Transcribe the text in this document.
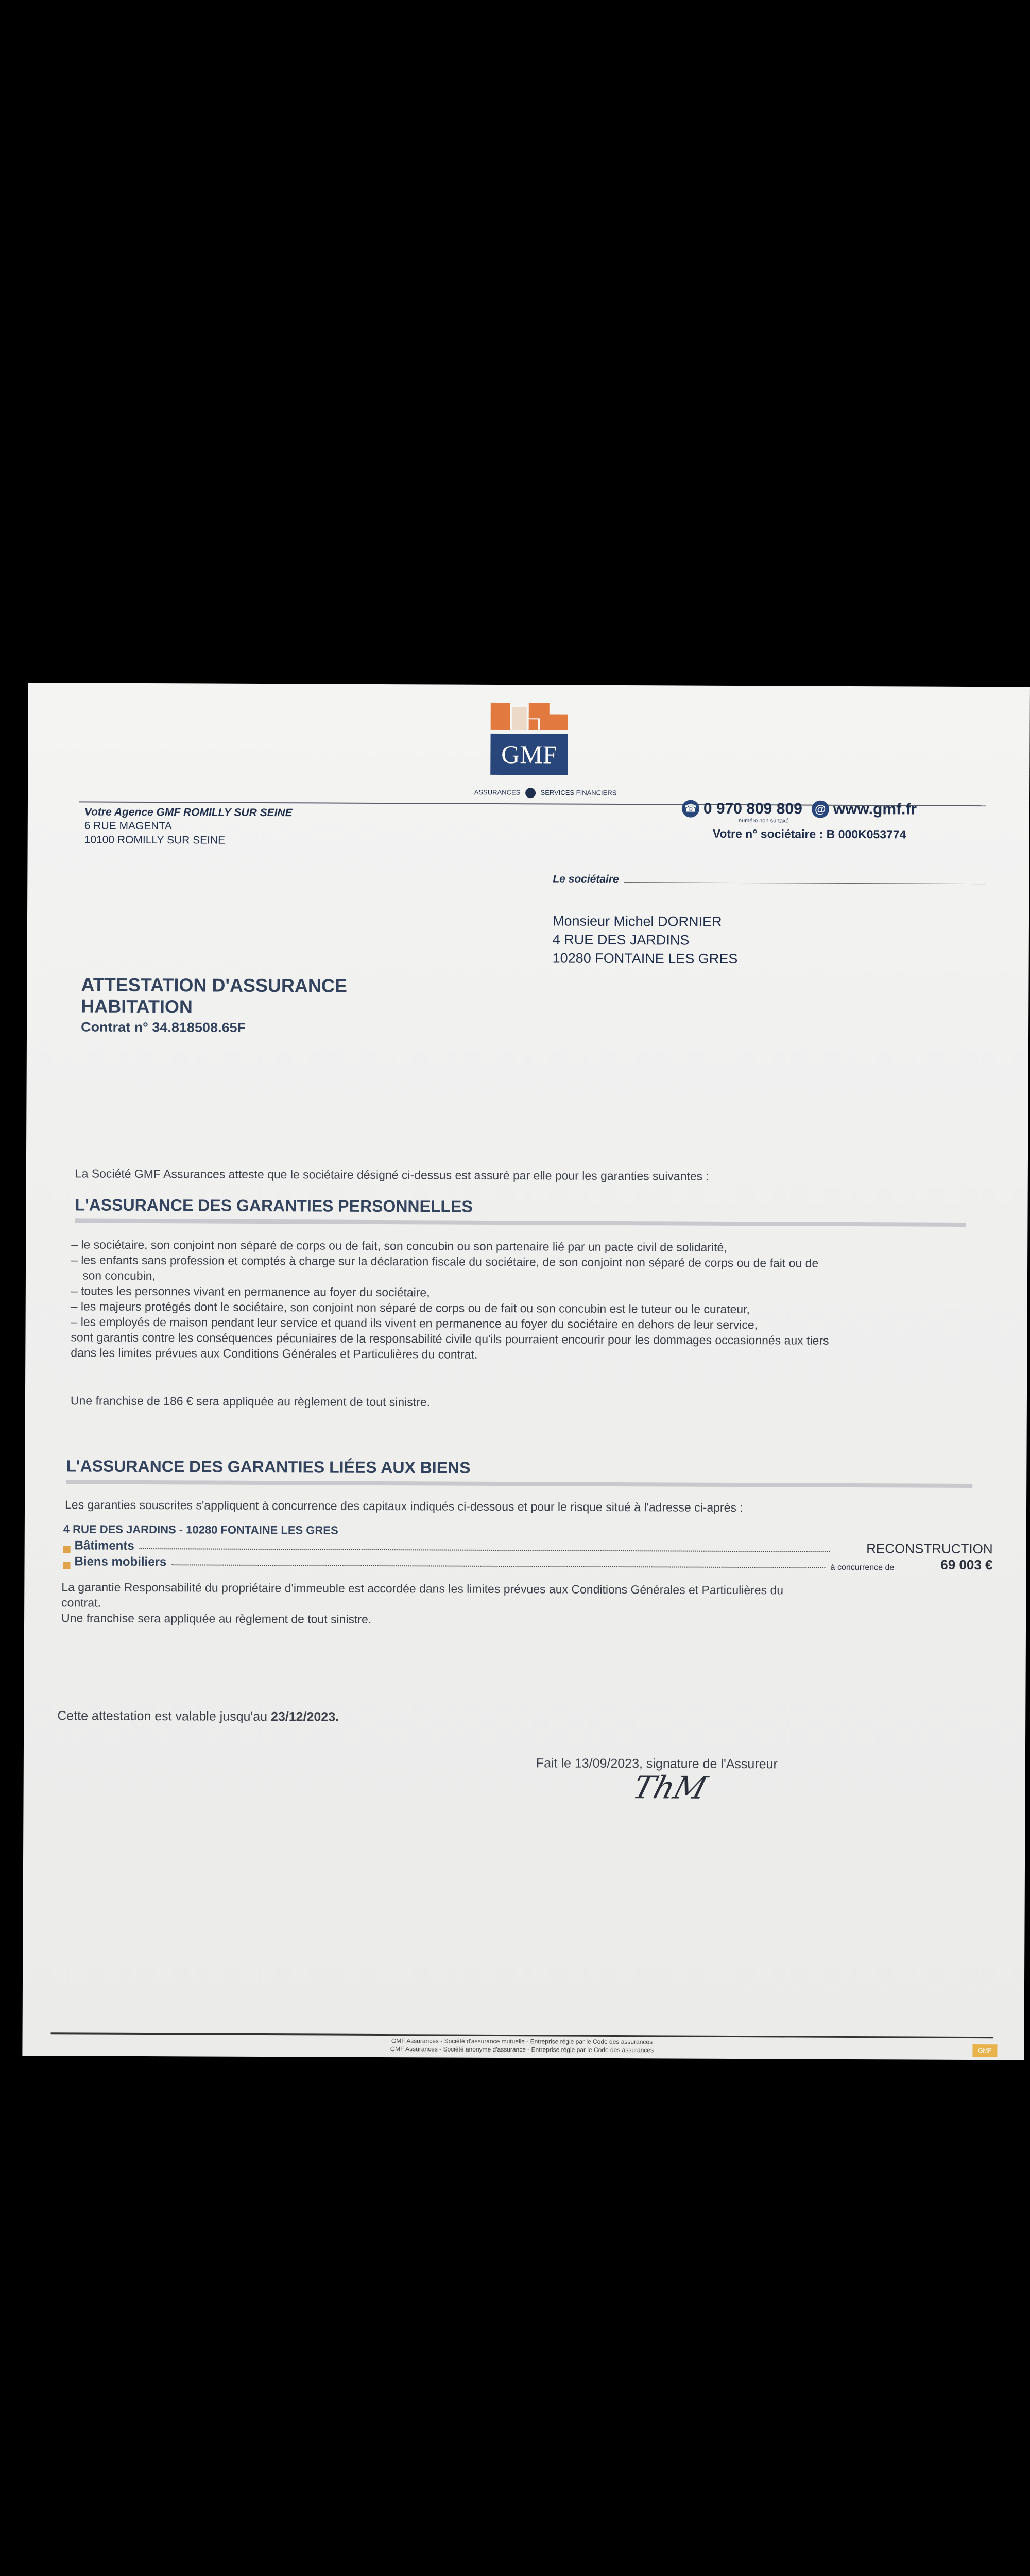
GMF
ASSURANCES	SERVICES FINANCIERS
Votre Agence GMF ROMILLY SUR SEINE
6 RUE MAGENTA
10100 ROMILLY SUR SEINE
☎ 0 970 809 809 @ www.gmf.fr
numéro non surtaxé
Votre n° sociétaire : B 000K053774
Le sociétaire
Monsieur Michel DORNIER
4 RUE DES JARDINS
10280 FONTAINE LES GRES
ATTESTATION D'ASSURANCE
HABITATION
Contrat n° 34.818508.65F
La Société GMF Assurances atteste que le sociétaire désigné ci-dessus est assuré par elle pour les garanties suivantes :
L'ASSURANCE DES GARANTIES PERSONNELLES
– le sociétaire, son conjoint non séparé de corps ou de fait, son concubin ou son partenaire lié par un pacte civil de solidarité,
– les enfants sans profession et comptés à charge sur la déclaration fiscale du sociétaire, de son conjoint non séparé de corps ou de fait ou de
son concubin,
– toutes les personnes vivant en permanence au foyer du sociétaire,
– les majeurs protégés dont le sociétaire, son conjoint non séparé de corps ou de fait ou son concubin est le tuteur ou le curateur,
– les employés de maison pendant leur service et quand ils vivent en permanence au foyer du sociétaire en dehors de leur service,
sont garantis contre les conséquences pécuniaires de la responsabilité civile qu'ils pourraient encourir pour les dommages occasionnés aux tiers
dans les limites prévues aux Conditions Générales et Particulières du contrat.
Une franchise de 186 € sera appliquée au règlement de tout sinistre.
L'ASSURANCE DES GARANTIES LIÉES AUX BIENS
Les garanties souscrites s'appliquent à concurrence des capitaux indiqués ci-dessous et pour le risque situé à l'adresse ci-après :
4 RUE DES JARDINS - 10280 FONTAINE LES GRES
Bâtiments	RECONSTRUCTION
Biens mobiliers	à concurrence de	69 003 €
La garantie Responsabilité du propriétaire d'immeuble est accordée dans les limites prévues aux Conditions Générales et Particulières du
contrat.
Une franchise sera appliquée au règlement de tout sinistre.
Cette attestation est valable jusqu'au 23/12/2023.
Fait le 13/09/2023, signature de l'Assureur
ThM
GMF Assurances - Société d'assurance mutuelle - Entreprise régie par le Code des assurances
GMF Assurances - Société anonyme d'assurance - Entreprise régie par le Code des assurances	GMF
